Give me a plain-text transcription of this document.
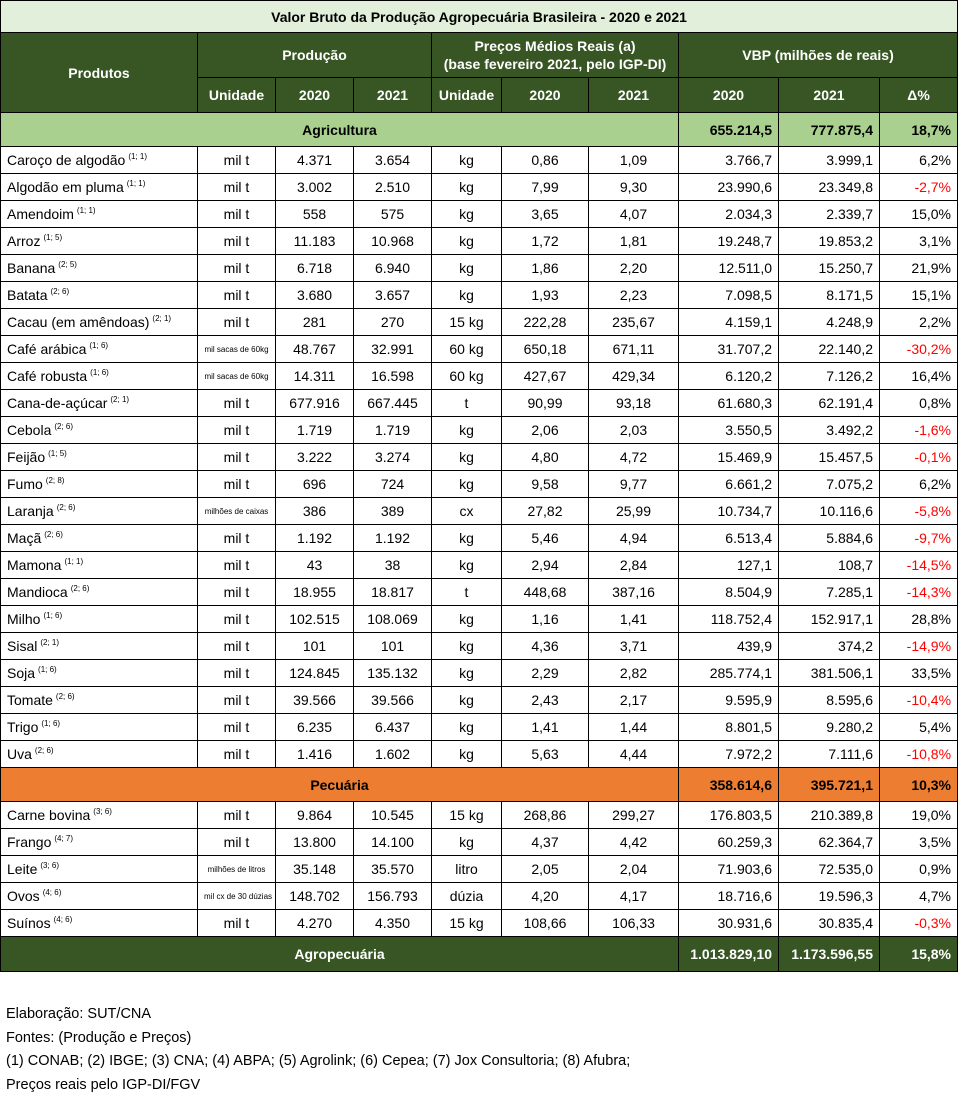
Valor Bruto da Produção Agropecuária Brasileira - 2020 e 2021									
Produtos	Produção			Preços Médios Reais (a)
(base fevereiro 2021, pelo IGP-DI)			VBP (milhões de reais)		
	Unidade	2020	2021	Unidade	2020	2021	2020	2021	Δ%
Agricultura							655.214,5	777.875,4	18,7%
Caroço de algodão $^{(1; 1)}$	mil t	4.371	3.654	kg	0,86	1,09	3.766,7	3.999,1	6,2%
Algodão em pluma $^{(1; 1)}$	mil t	3.002	2.510	kg	7,99	9,30	23.990,6	23.349,8	-2,7%
Amendoim $^{(1; 1)}$	mil t	558	575	kg	3,65	4,07	2.034,3	2.339,7	15,0%
Arroz $^{(1; 5)}$	mil t	11.183	10.968	kg	1,72	1,81	19.248,7	19.853,2	3,1%
Banana $^{(2; 5)}$	mil t	6.718	6.940	kg	1,86	2,20	12.511,0	15.250,7	21,9%
Batata $^{(2; 6)}$	mil t	3.680	3.657	kg	1,93	2,23	7.098,5	8.171,5	15,1%
Cacau (em amêndoas) $^{(2; 1)}$	mil t	281	270	15 kg	222,28	235,67	4.159,1	4.248,9	2,2%
Café arábica $^{(1; 6)}$	mil sacas de 60kg	48.767	32.991	60 kg	650,18	671,11	31.707,2	22.140,2	-30,2%
Café robusta $^{(1; 6)}$	mil sacas de 60kg	14.311	16.598	60 kg	427,67	429,34	6.120,2	7.126,2	16,4%
Cana-de-açúcar $^{(2; 1)}$	mil t	677.916	667.445	t	90,99	93,18	61.680,3	62.191,4	0,8%
Cebola $^{(2; 6)}$	mil t	1.719	1.719	kg	2,06	2,03	3.550,5	3.492,2	-1,6%
Feijão $^{(1; 5)}$	mil t	3.222	3.274	kg	4,80	4,72	15.469,9	15.457,5	-0,1%
Fumo $^{(2; 8)}$	mil t	696	724	kg	9,58	9,77	6.661,2	7.075,2	6,2%
Laranja $^{(2; 6)}$	milhões de caixas	386	389	cx	27,82	25,99	10.734,7	10.116,6	-5,8%
Maçã $^{(2; 6)}$	mil t	1.192	1.192	kg	5,46	4,94	6.513,4	5.884,6	-9,7%
Mamona $^{(1; 1)}$	mil t	43	38	kg	2,94	2,84	127,1	108,7	-14,5%
Mandioca $^{(2; 6)}$	mil t	18.955	18.817	t	448,68	387,16	8.504,9	7.285,1	-14,3%
Milho $^{(1; 6)}$	mil t	102.515	108.069	kg	1,16	1,41	118.752,4	152.917,1	28,8%
Sisal $^{(2; 1)}$	mil t	101	101	kg	4,36	3,71	439,9	374,2	-14,9%
Soja $^{(1; 6)}$	mil t	124.845	135.132	kg	2,29	2,82	285.774,1	381.506,1	33,5%
Tomate $^{(2; 6)}$	mil t	39.566	39.566	kg	2,43	2,17	9.595,9	8.595,6	-10,4%
Trigo $^{(1; 6)}$	mil t	6.235	6.437	kg	1,41	1,44	8.801,5	9.280,2	5,4%
Uva $^{(2; 6)}$	mil t	1.416	1.602	kg	5,63	4,44	7.972,2	7.111,6	-10,8%
Pecuária							358.614,6	395.721,1	10,3%
Carne bovina $^{(3; 6)}$	mil t	9.864	10.545	15 kg	268,86	299,27	176.803,5	210.389,8	19,0%
Frango $^{(4; 7)}$	mil t	13.800	14.100	kg	4,37	4,42	60.259,3	62.364,7	3,5%
Leite $^{(3; 6)}$	milhões de litros	35.148	35.570	litro	2,05	2,04	71.903,6	72.535,0	0,9%
Ovos $^{(4; 6)}$	mil cx de 30 dúzias	148.702	156.793	dúzia	4,20	4,17	18.716,6	19.596,3	4,7%
Suínos $^{(4; 6)}$	mil t	4.270	4.350	15 kg	108,66	106,33	30.931,6	30.835,4	-0,3%
Agropecuária							1.013.829,10	1.173.596,55	15,8%
Elaboração: SUT/CNA
Fontes: (Produção e Preços)
(1) CONAB; (2) IBGE; (3) CNA; (4) ABPA; (5) Agrolink; (6) Cepea; (7) Jox Consultoria; (8) Afubra;
Preços reais pelo IGP-DI/FGV
